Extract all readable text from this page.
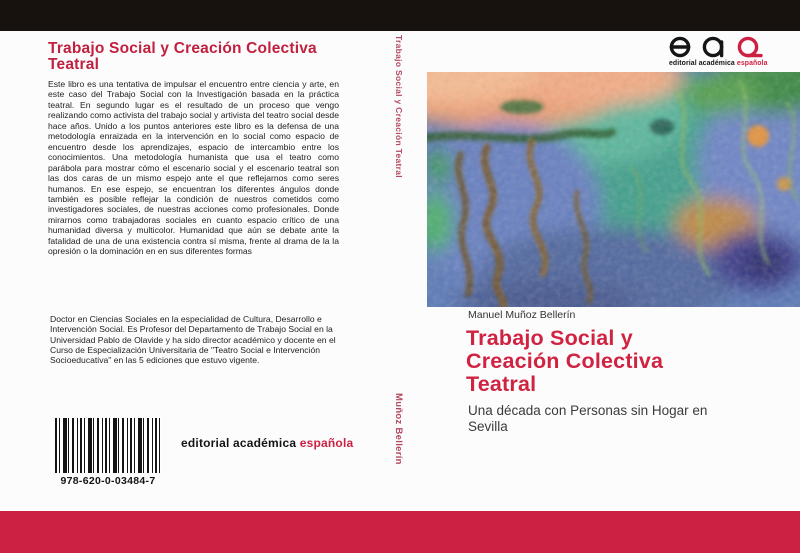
Trabajo Social y Creación Colectiva
Teatral

Este libro es una tentativa de impulsar el encuentro entre ciencia y arte, en este caso del Trabajo Social con la Investigación basada en la práctica teatral. En segundo lugar es el resultado de un proceso que vengo realizando como activista del trabajo social y artivista del teatro social desde hace años. Unido a los puntos anteriores este libro es la defensa de una metodología enraizada en la intervención en lo social como espacio de encuentro desde los aprendizajes, espacio de intercambio entre los conocimientos. Una metodología humanista que usa el teatro como parábola para mostrar cómo el escenario social y el escenario teatral son las dos caras de un mismo espejo ante el que reflejarnos como seres humanos. En ese espejo, se encuentran los diferentes ángulos donde también es posible reflejar la condición de nuestros cometidos como investigadores sociales, de nuestras acciones como profesionales. Donde mirarnos como trabajadoras sociales en cuanto espacio crítico de una humanidad diversa y multicolor. Humanidad que aún se debate ante la fatalidad de una de una existencia contra sí misma, frente al drama de la la opresión o la dominación en en sus diferentes formas

Doctor en Ciencias Sociales en la especialidad de Cultura, Desarrollo e Intervención Social. Es Profesor del Departamento de Trabajo Social en la Universidad Pablo de Olavide y ha sido director académico y docente en el Curso de Especialización Universitaria de "Teatro Social e Intervención Socioeducativa" en las 5 ediciones que estuvo vigente.

978-620-0-03484-7
editorial académica española
Trabajo Social y Creación Teatral
Muñoz Bellerín
editorial académica española
Manuel Muñoz Bellerín
Trabajo Social y
Creación Colectiva
Teatral
Una década con Personas sin Hogar en
Sevilla
